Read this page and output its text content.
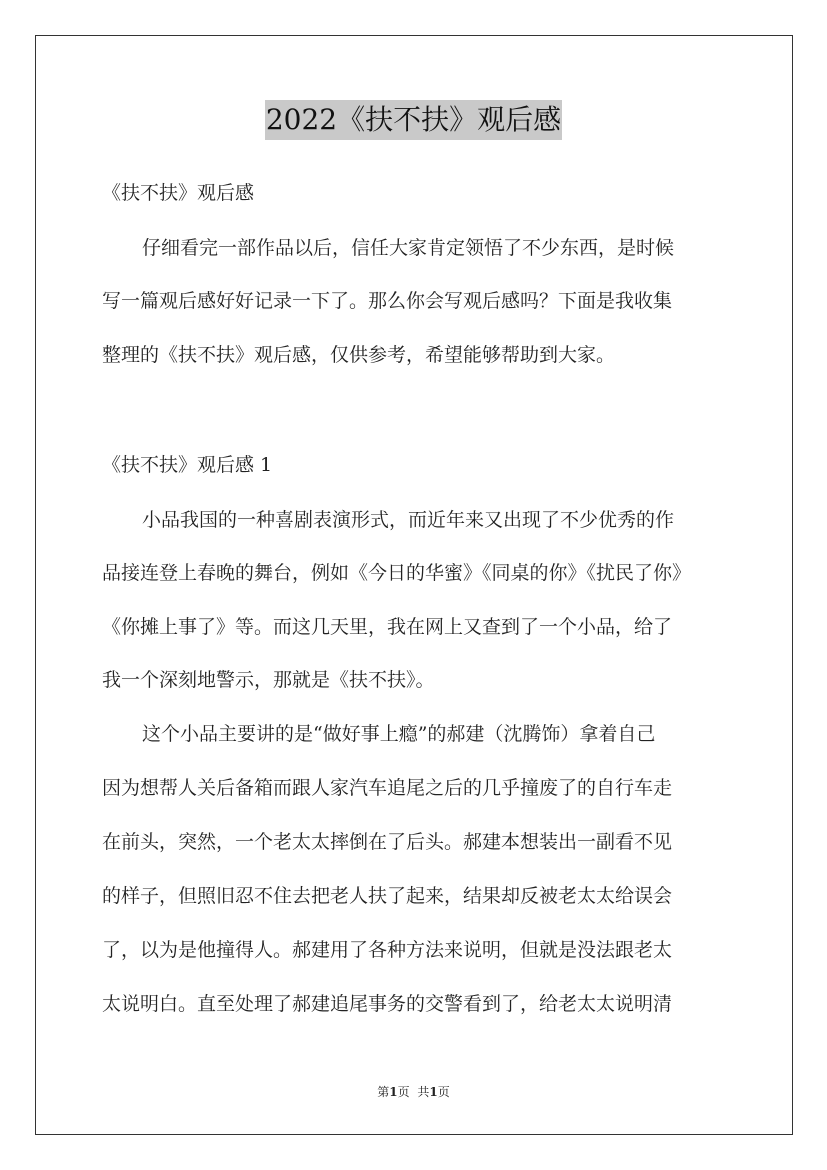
2022《扶不扶》观后感
《扶不扶》观后感
仔细看完一部作品以后，信任大家肯定领悟了不少东西，是时候
写一篇观后感好好记录一下了。那么你会写观后感吗？下面是我收集
整理的《扶不扶》观后感，仅供参考，希望能够帮助到大家。
《扶不扶》观后感 1
小品我国的一种喜剧表演形式，而近年来又出现了不少优秀的作
品接连登上春晚的舞台，例如《今日的华蜜》《同桌的你》《扰民了你》
《你摊上事了》等。而这几天里，我在网上又查到了一个小品，给了
我一个深刻地警示，那就是《扶不扶》。
这个小品主要讲的是“做好事上瘾”的郝建（沈腾饰）拿着自己
因为想帮人关后备箱而跟人家汽车追尾之后的几乎撞废了的自行车走
在前头，突然，一个老太太摔倒在了后头。郝建本想装出一副看不见
的样子，但照旧忍不住去把老人扶了起来，结果却反被老太太给误会
了，以为是他撞得人。郝建用了各种方法来说明，但就是没法跟老太
太说明白。直至处理了郝建追尾事务的交警看到了，给老太太说明清
第1页 共1页
